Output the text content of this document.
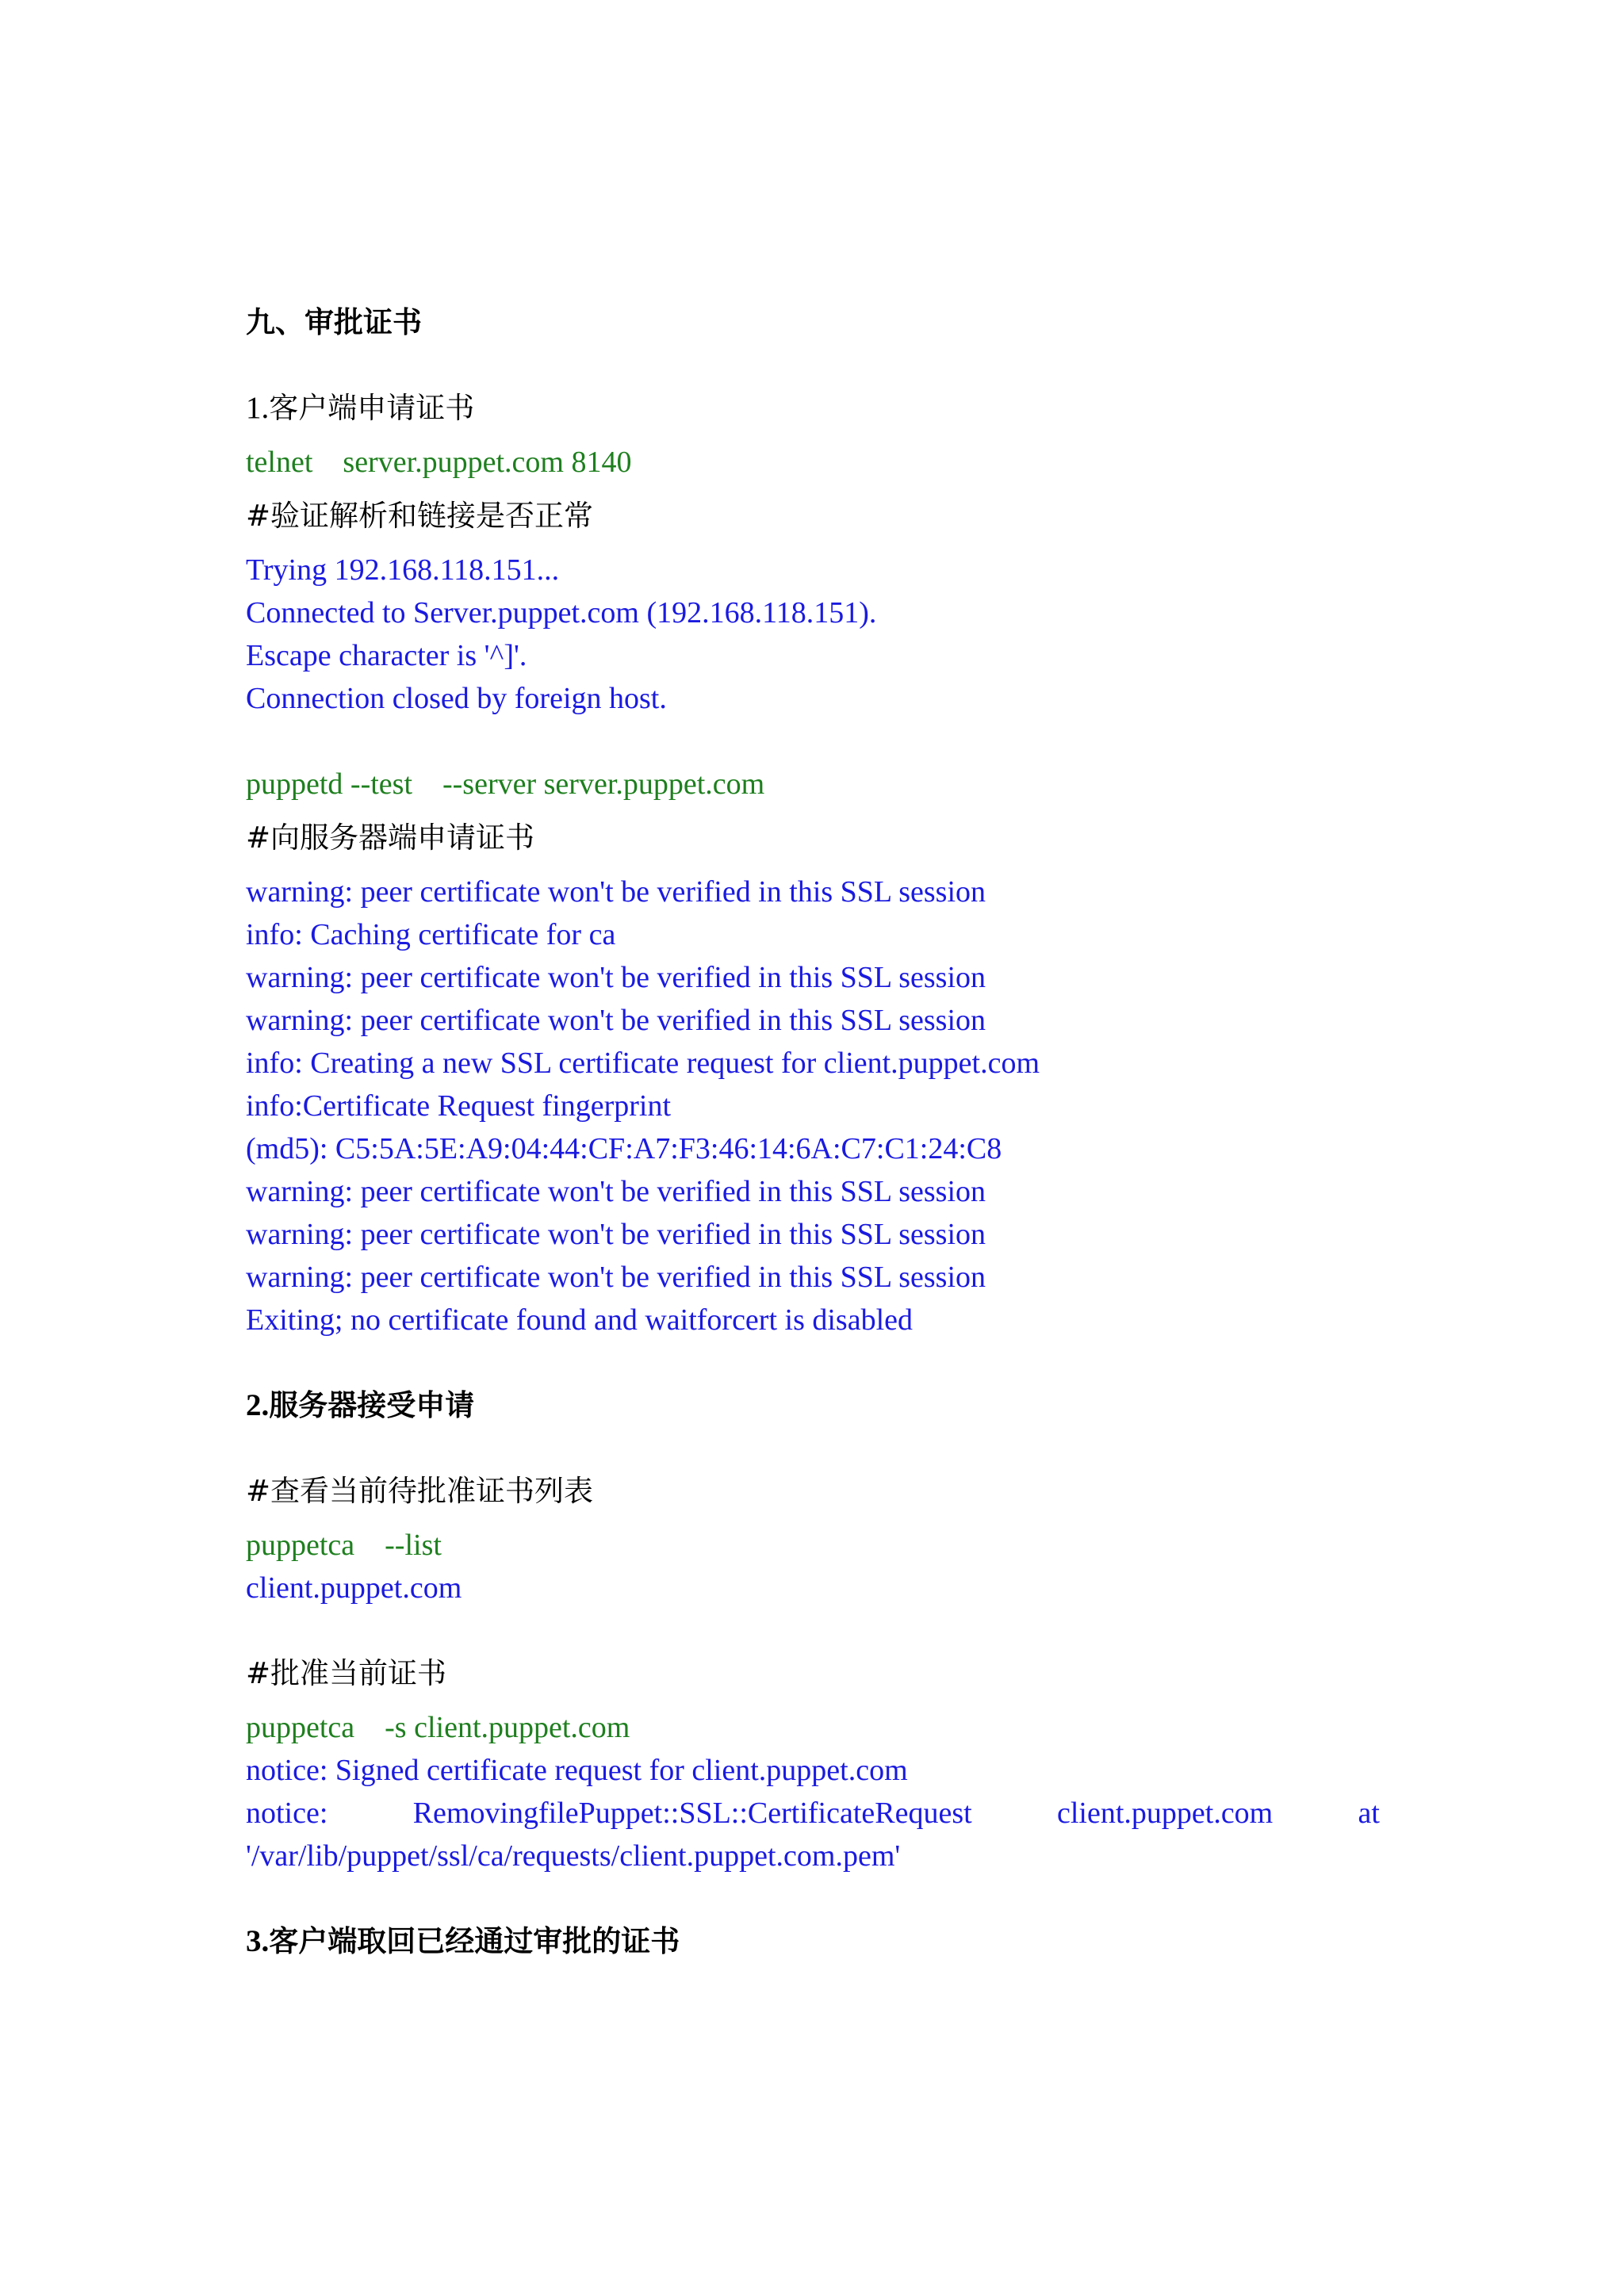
九、审批证书
1.客户端申请证书
telnet    server.puppet.com 8140
#验证解析和链接是否正常
Trying 192.168.118.151...
Connected to Server.puppet.com (192.168.118.151).
Escape character is '^]'.
Connection closed by foreign host.
puppetd --test    --server server.puppet.com
#向服务器端申请证书
warning: peer certificate won't be verified in this SSL session
info: Caching certificate for ca
warning: peer certificate won't be verified in this SSL session
warning: peer certificate won't be verified in this SSL session
info: Creating a new SSL certificate request for client.puppet.com
info:Certificate Request fingerprint
(md5): C5:5A:5E:A9:04:44:CF:A7:F3:46:14:6A:C7:C1:24:C8
warning: peer certificate won't be verified in this SSL session
warning: peer certificate won't be verified in this SSL session
warning: peer certificate won't be verified in this SSL session
Exiting; no certificate found and waitforcert is disabled
2.服务器接受申请
#查看当前待批准证书列表
puppetca    --list
client.puppet.com
#批准当前证书
puppetca    -s client.puppet.com
notice: Signed certificate request for client.puppet.com
notice:	RemovingfilePuppet::SSL::CertificateRequest	client.puppet.com	at
'/var/lib/puppet/ssl/ca/requests/client.puppet.com.pem'
3.客户端取回已经通过审批的证书
